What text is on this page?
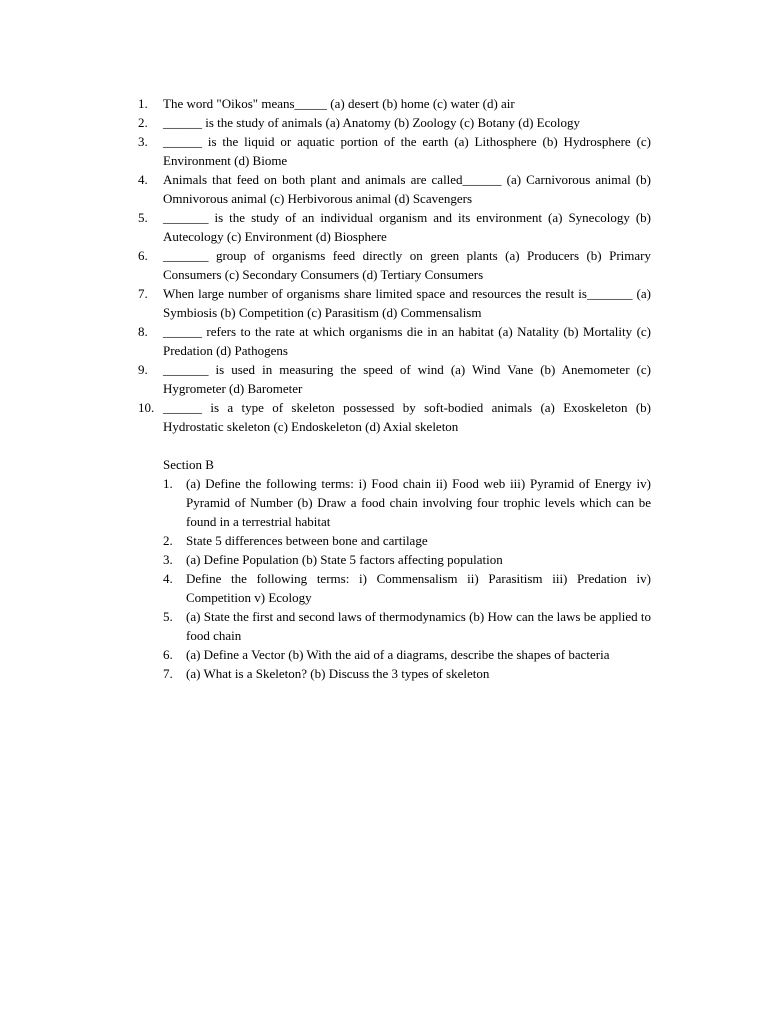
1. The word "Oikos" means_____ (a) desert (b) home (c) water (d) air
2. ______ is the study of animals (a) Anatomy (b) Zoology (c) Botany (d) Ecology
3. ______ is the liquid or aquatic portion of the earth (a) Lithosphere (b) Hydrosphere (c) Environment (d) Biome
4. Animals that feed on both plant and animals are called______ (a) Carnivorous animal (b) Omnivorous animal (c) Herbivorous animal (d) Scavengers
5. _______ is the study of an individual organism and its environment (a) Synecology (b) Autecology (c) Environment (d) Biosphere
6. _______ group of organisms feed directly on green plants (a) Producers (b) Primary Consumers (c) Secondary Consumers (d) Tertiary Consumers
7. When large number of organisms share limited space and resources the result is_______ (a) Symbiosis (b) Competition (c) Parasitism (d) Commensalism
8. ______ refers to the rate at which organisms die in an habitat (a) Natality (b) Mortality (c) Predation (d) Pathogens
9. _______ is used in measuring the speed of wind (a) Wind Vane (b) Anemometer (c) Hygrometer (d) Barometer
10. ______ is a type of skeleton possessed by soft-bodied animals (a) Exoskeleton (b) Hydrostatic skeleton (c) Endoskeleton (d) Axial skeleton
Section B
1. (a) Define the following terms: i) Food chain ii) Food web iii) Pyramid of Energy iv) Pyramid of Number (b) Draw a food chain involving four trophic levels which can be found in a terrestrial habitat
2. State 5 differences between bone and cartilage
3. (a) Define Population (b) State 5 factors affecting population
4. Define the following terms: i) Commensalism ii) Parasitism iii) Predation iv) Competition v) Ecology
5. (a) State the first and second laws of thermodynamics (b) How can the laws be applied to food chain
6. (a) Define a Vector (b) With the aid of a diagrams, describe the shapes of bacteria
7. (a) What is a Skeleton? (b) Discuss the 3 types of skeleton
